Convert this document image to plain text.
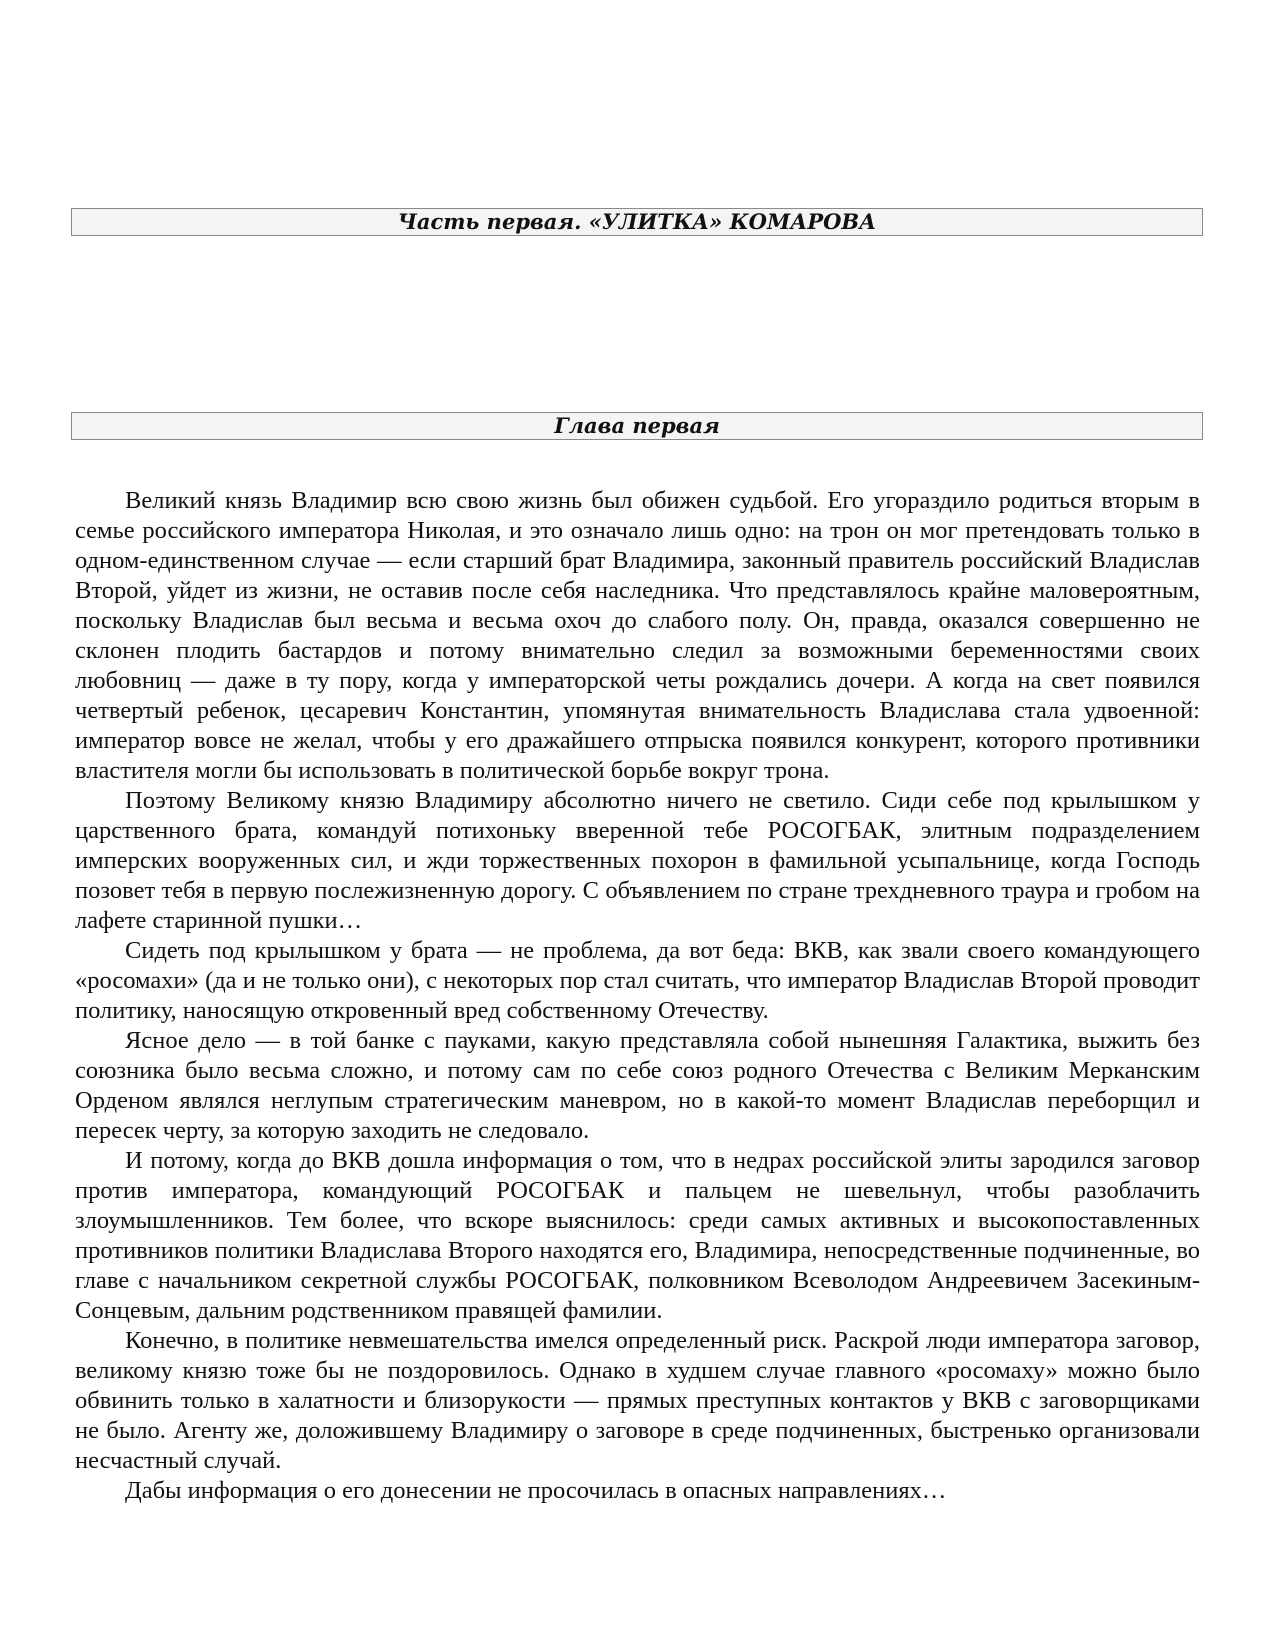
Часть первая. «УЛИТКА» КОМАРОВА
Глава первая

Великий князь Владимир всю свою жизнь был обижен судьбой. Его угораздило родиться вторым в семье российского императора Николая, и это означало лишь одно: на трон он мог претендовать только в одном-единственном случае — если старший брат Владимира, законный правитель российский Владислав Второй, уйдет из жизни, не оставив после себя наследника. Что представлялось крайне маловероятным, поскольку Владислав был весьма и весьма охоч до слабого полу. Он, правда, оказался совершенно не склонен плодить бастардов и потому внимательно следил за возможными беременностями своих любовниц — даже в ту пору, когда у императорской четы рождались дочери. А когда на свет появился четвертый ребенок, цесаревич Константин, упомянутая внимательность Владислава стала удвоенной: император вовсе не желал, чтобы у его дражайшего отпрыска появился конкурент, которого противники властителя могли бы использовать в политической борьбе вокруг трона.

Поэтому Великому князю Владимиру абсолютно ничего не светило. Сиди себе под крылышком у царственного брата, командуй потихоньку вверенной тебе РОСОГБАК, элитным подразделением имперских вооруженных сил, и жди торжественных похорон в фамильной усыпальнице, когда Господь позовет тебя в первую послежизненную дорогу. С объявлением по стране трехдневного траура и гробом на лафете старинной пушки…

Сидеть под крылышком у брата — не проблема, да вот беда: ВКВ, как звали своего командующего «росомахи» (да и не только они), с некоторых пор стал считать, что император Владислав Второй проводит политику, наносящую откровенный вред собственному Отечеству.

Ясное дело — в той банке с пауками, какую представляла собой нынешняя Галактика, выжить без союзника было весьма сложно, и потому сам по себе союз родного Отечества с Великим Мерканским Орденом являлся неглупым стратегическим маневром, но в какой-то момент Владислав переборщил и пересек черту, за которую заходить не следовало.

И потому, когда до ВКВ дошла информация о том, что в недрах российской элиты зародился заговор против императора, командующий РОСОГБАК и пальцем не шевельнул, чтобы разоблачить злоумышленников. Тем более, что вскоре выяснилось: среди самых активных и высокопоставленных противников политики Владислава Второго находятся его, Владимира, непосредственные подчиненные, во главе с начальником секретной службы РОСОГБАК, полковником Всеволодом Андреевичем Засекиным-Сонцевым, дальним родственником правящей фамилии.

Конечно, в политике невмешательства имелся определенный риск. Раскрой люди императора заговор, великому князю тоже бы не поздоровилось. Однако в худшем случае главного «росомаху» можно было обвинить только в халатности и близорукости — прямых преступных контактов у ВКВ с заговорщиками не было. Агенту же, доложившему Владимиру о заговоре в среде подчиненных, быстренько организовали несчастный случай.

Дабы информация о его донесении не просочилась в опасных направлениях…
